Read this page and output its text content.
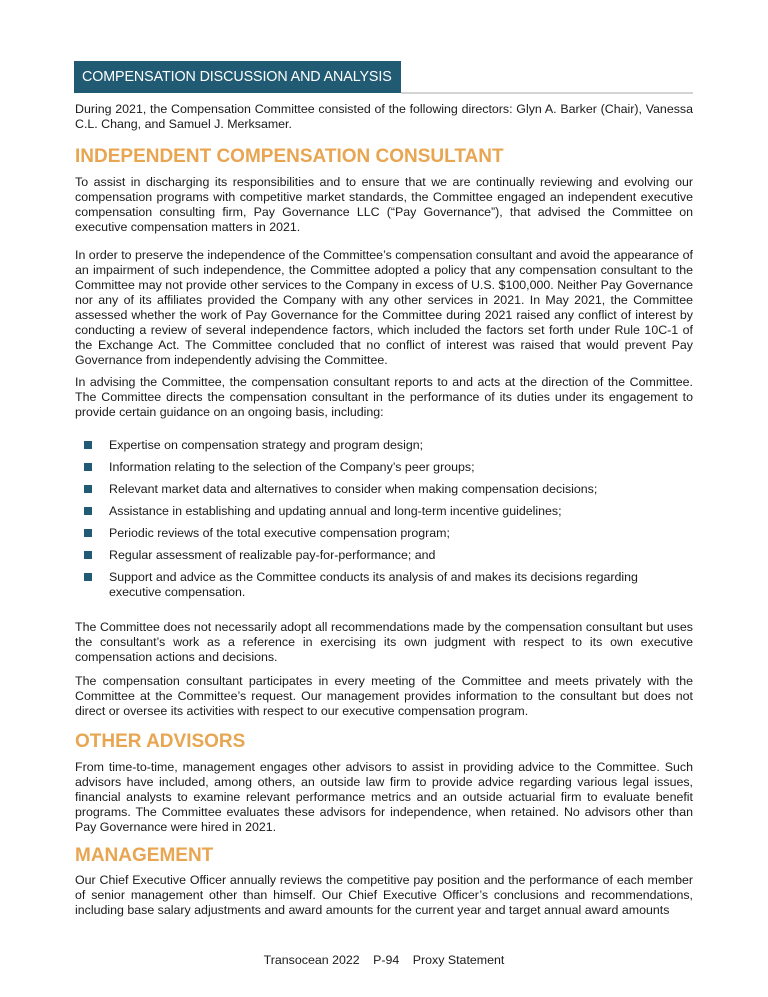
COMPENSATION DISCUSSION AND ANALYSIS

During 2021, the Compensation Committee consisted of the following directors: Glyn A. Barker (Chair), Vanessa C.L. Chang, and Samuel J. Merksamer.

INDEPENDENT COMPENSATION CONSULTANT

To assist in discharging its responsibilities and to ensure that we are continually reviewing and evolving our compensation programs with competitive market standards, the Committee engaged an independent executive compensation consulting firm, Pay Governance LLC (“Pay Governance”), that advised the Committee on executive compensation matters in 2021.

In order to preserve the independence of the Committee’s compensation consultant and avoid the appearance of an impairment of such independence, the Committee adopted a policy that any compensation consultant to the Committee may not provide other services to the Company in excess of U.S. $100,000. Neither Pay Governance nor any of its affiliates provided the Company with any other services in 2021. In May 2021, the Committee assessed whether the work of Pay Governance for the Committee during 2021 raised any conflict of interest by conducting a review of several independence factors, which included the factors set forth under Rule 10C-1 of the Exchange Act. The Committee concluded that no conflict of interest was raised that would prevent Pay Governance from independently advising the Committee.

In advising the Committee, the compensation consultant reports to and acts at the direction of the Committee. The Committee directs the compensation consultant in the performance of its duties under its engagement to provide certain guidance on an ongoing basis, including:

Expertise on compensation strategy and program design;
Information relating to the selection of the Company’s peer groups;
Relevant market data and alternatives to consider when making compensation decisions;
Assistance in establishing and updating annual and long-term incentive guidelines;
Periodic reviews of the total executive compensation program;
Regular assessment of realizable pay-for-performance; and
Support and advice as the Committee conducts its analysis of and makes its decisions regarding executive compensation.

The Committee does not necessarily adopt all recommendations made by the compensation consultant but uses the consultant’s work as a reference in exercising its own judgment with respect to its own executive compensation actions and decisions.

The compensation consultant participates in every meeting of the Committee and meets privately with the Committee at the Committee’s request. Our management provides information to the consultant but does not direct or oversee its activities with respect to our executive compensation program.

OTHER ADVISORS

From time-to-time, management engages other advisors to assist in providing advice to the Committee. Such advisors have included, among others, an outside law firm to provide advice regarding various legal issues, financial analysts to examine relevant performance metrics and an outside actuarial firm to evaluate benefit programs. The Committee evaluates these advisors for independence, when retained. No advisors other than Pay Governance were hired in 2021.

MANAGEMENT

Our Chief Executive Officer annually reviews the competitive pay position and the performance of each member of senior management other than himself. Our Chief Executive Officer’s conclusions and recommendations, including base salary adjustments and award amounts for the current year and target annual award amounts

Transocean 2022 P-94 Proxy Statement
